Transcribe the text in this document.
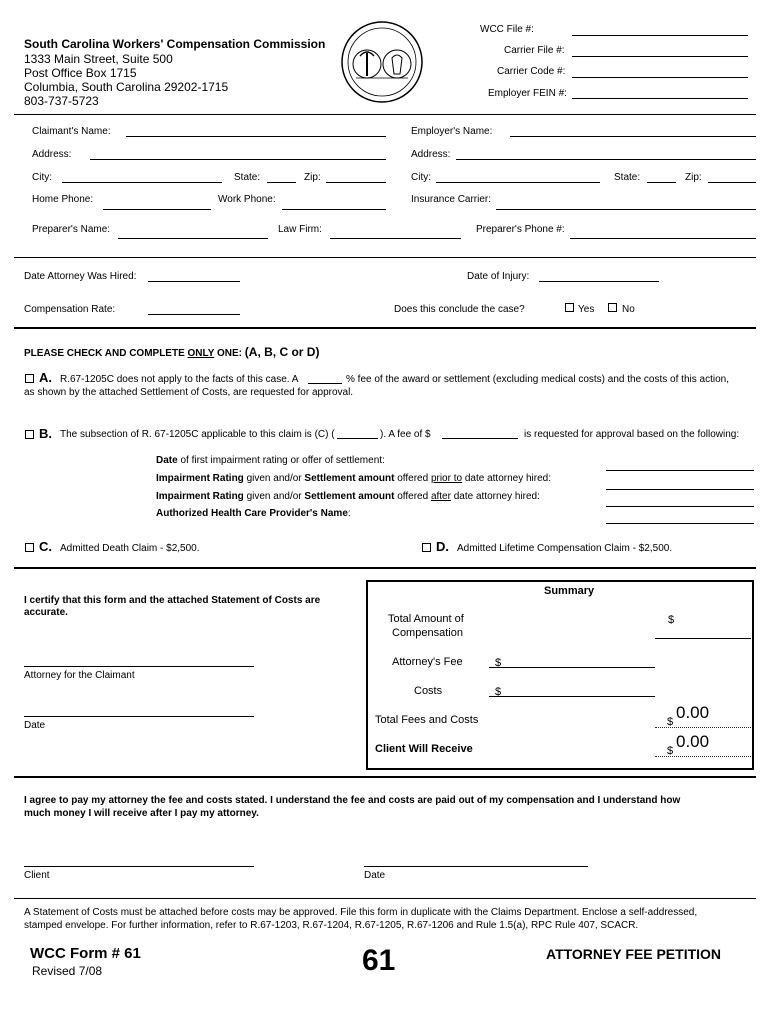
South Carolina Workers' Compensation Commission
1333 Main Street, Suite 500
Post Office Box 1715
Columbia, South Carolina 29202-1715
803-737-5723
WCC File #:
Carrier File #:
Carrier Code #:
Employer FEIN #:
Claimant's Name:	Employer's Name:
Address:	Address:
City:	State:	Zip:	City:	State:	Zip:
Home Phone:	Work Phone:	Insurance Carrier:
Preparer's Name:	Law Firm:	Preparer's Phone #:
Date Attorney Was Hired:	Date of Injury:
Compensation Rate:	Does this conclude the case?	Yes	No
PLEASE CHECK AND COMPLETE ONLY ONE: (A, B, C or D)
A. R.67-1205C does not apply to the facts of this case. A	% fee of the award or settlement (excluding medical costs) and the costs of this action,
as shown by the attached Settlement of Costs, are requested for approval.
B. The subsection of R. 67-1205C applicable to this claim is (C) (	). A fee of $	is requested for approval based on the following:
Date of first impairment rating or offer of settlement:
Impairment Rating given and/or Settlement amount offered prior to date attorney hired:
Impairment Rating given and/or Settlement amount offered after date attorney hired:
Authorized Health Care Provider's Name:
C. Admitted Death Claim - $2,500.	D. Admitted Lifetime Compensation Claim - $2,500.
I certify that this form and the attached Statement of Costs are
accurate.
Attorney for the Claimant
Date
Summary
Total Amount of
Compensation
$
Attorney's Fee	$
Costs	$
Total Fees and Costs	$ 0.00
Client Will Receive	$ 0.00
I agree to pay my attorney the fee and costs stated. I understand the fee and costs are paid out of my compensation and I understand how
much money I will receive after I pay my attorney.
Client	Date
A Statement of Costs must be attached before costs may be approved. File this form in duplicate with the Claims Department. Enclose a self-addressed,
stamped envelope. For further information, refer to R.67-1203, R.67-1204, R.67-1205, R.67-1206 and Rule 1.5(a), RPC Rule 407, SCACR.
WCC Form # 61
Revised 7/08	61	ATTORNEY FEE PETITION
